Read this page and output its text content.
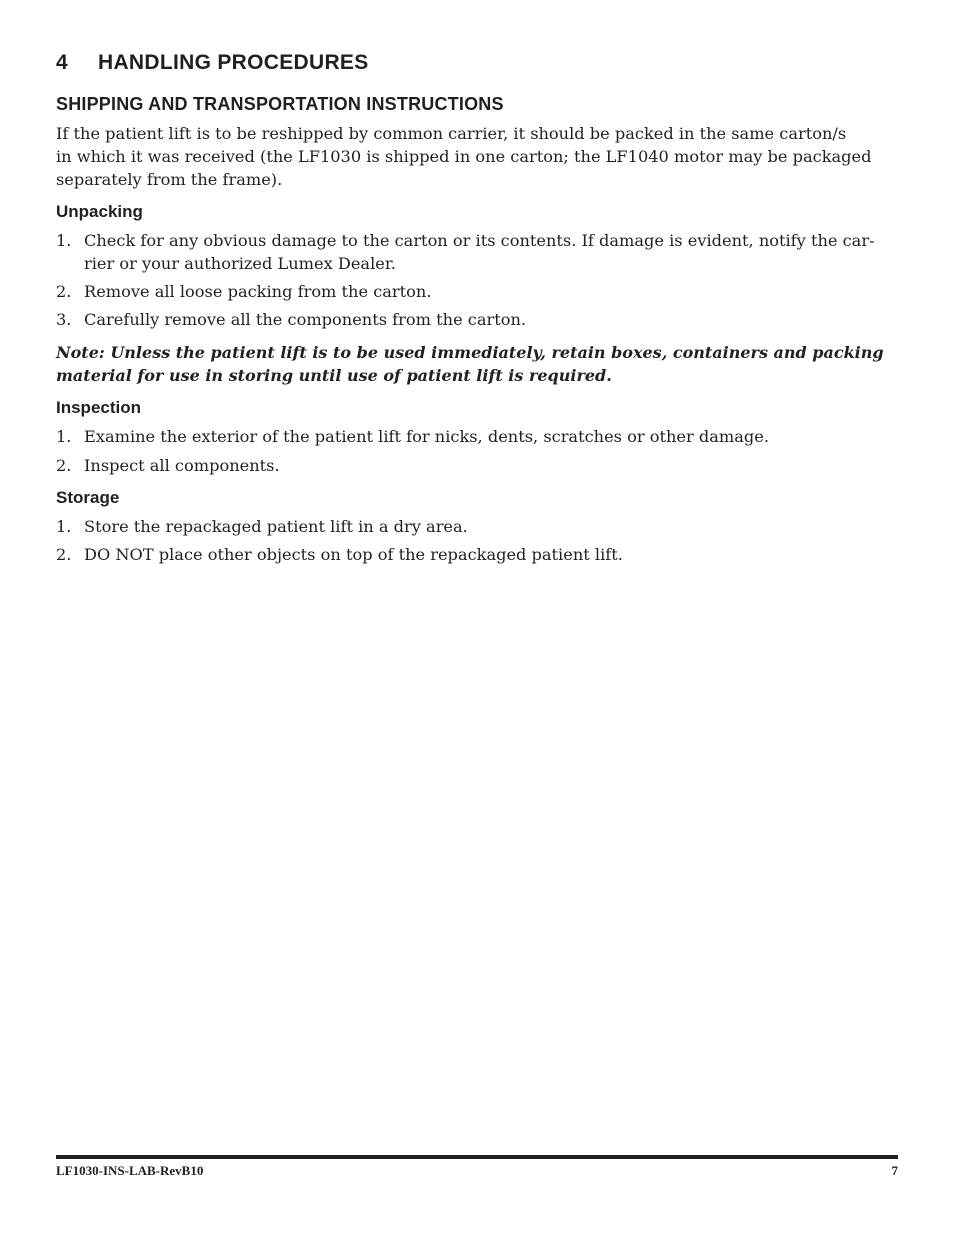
4 HANDLING PROCEDURES
SHIPPING AND TRANSPORTATION INSTRUCTIONS
If the patient lift is to be reshipped by common carrier, it should be packed in the same carton/s
in which it was received (the LF1030 is shipped in one carton; the LF1040 motor may be packaged
separately from the frame).
Unpacking
1. Check for any obvious damage to the carton or its contents. If damage is evident, notify the car-
rier or your authorized Lumex Dealer.
2. Remove all loose packing from the carton.
3. Carefully remove all the components from the carton.
Note: Unless the patient lift is to be used immediately, retain boxes, containers and packing
material for use in storing until use of patient lift is required.
Inspection
1. Examine the exterior of the patient lift for nicks, dents, scratches or other damage.
2. Inspect all components.
Storage
1. Store the repackaged patient lift in a dry area.
2. DO NOT place other objects on top of the repackaged patient lift.
LF1030-INS-LAB-RevB10	7
